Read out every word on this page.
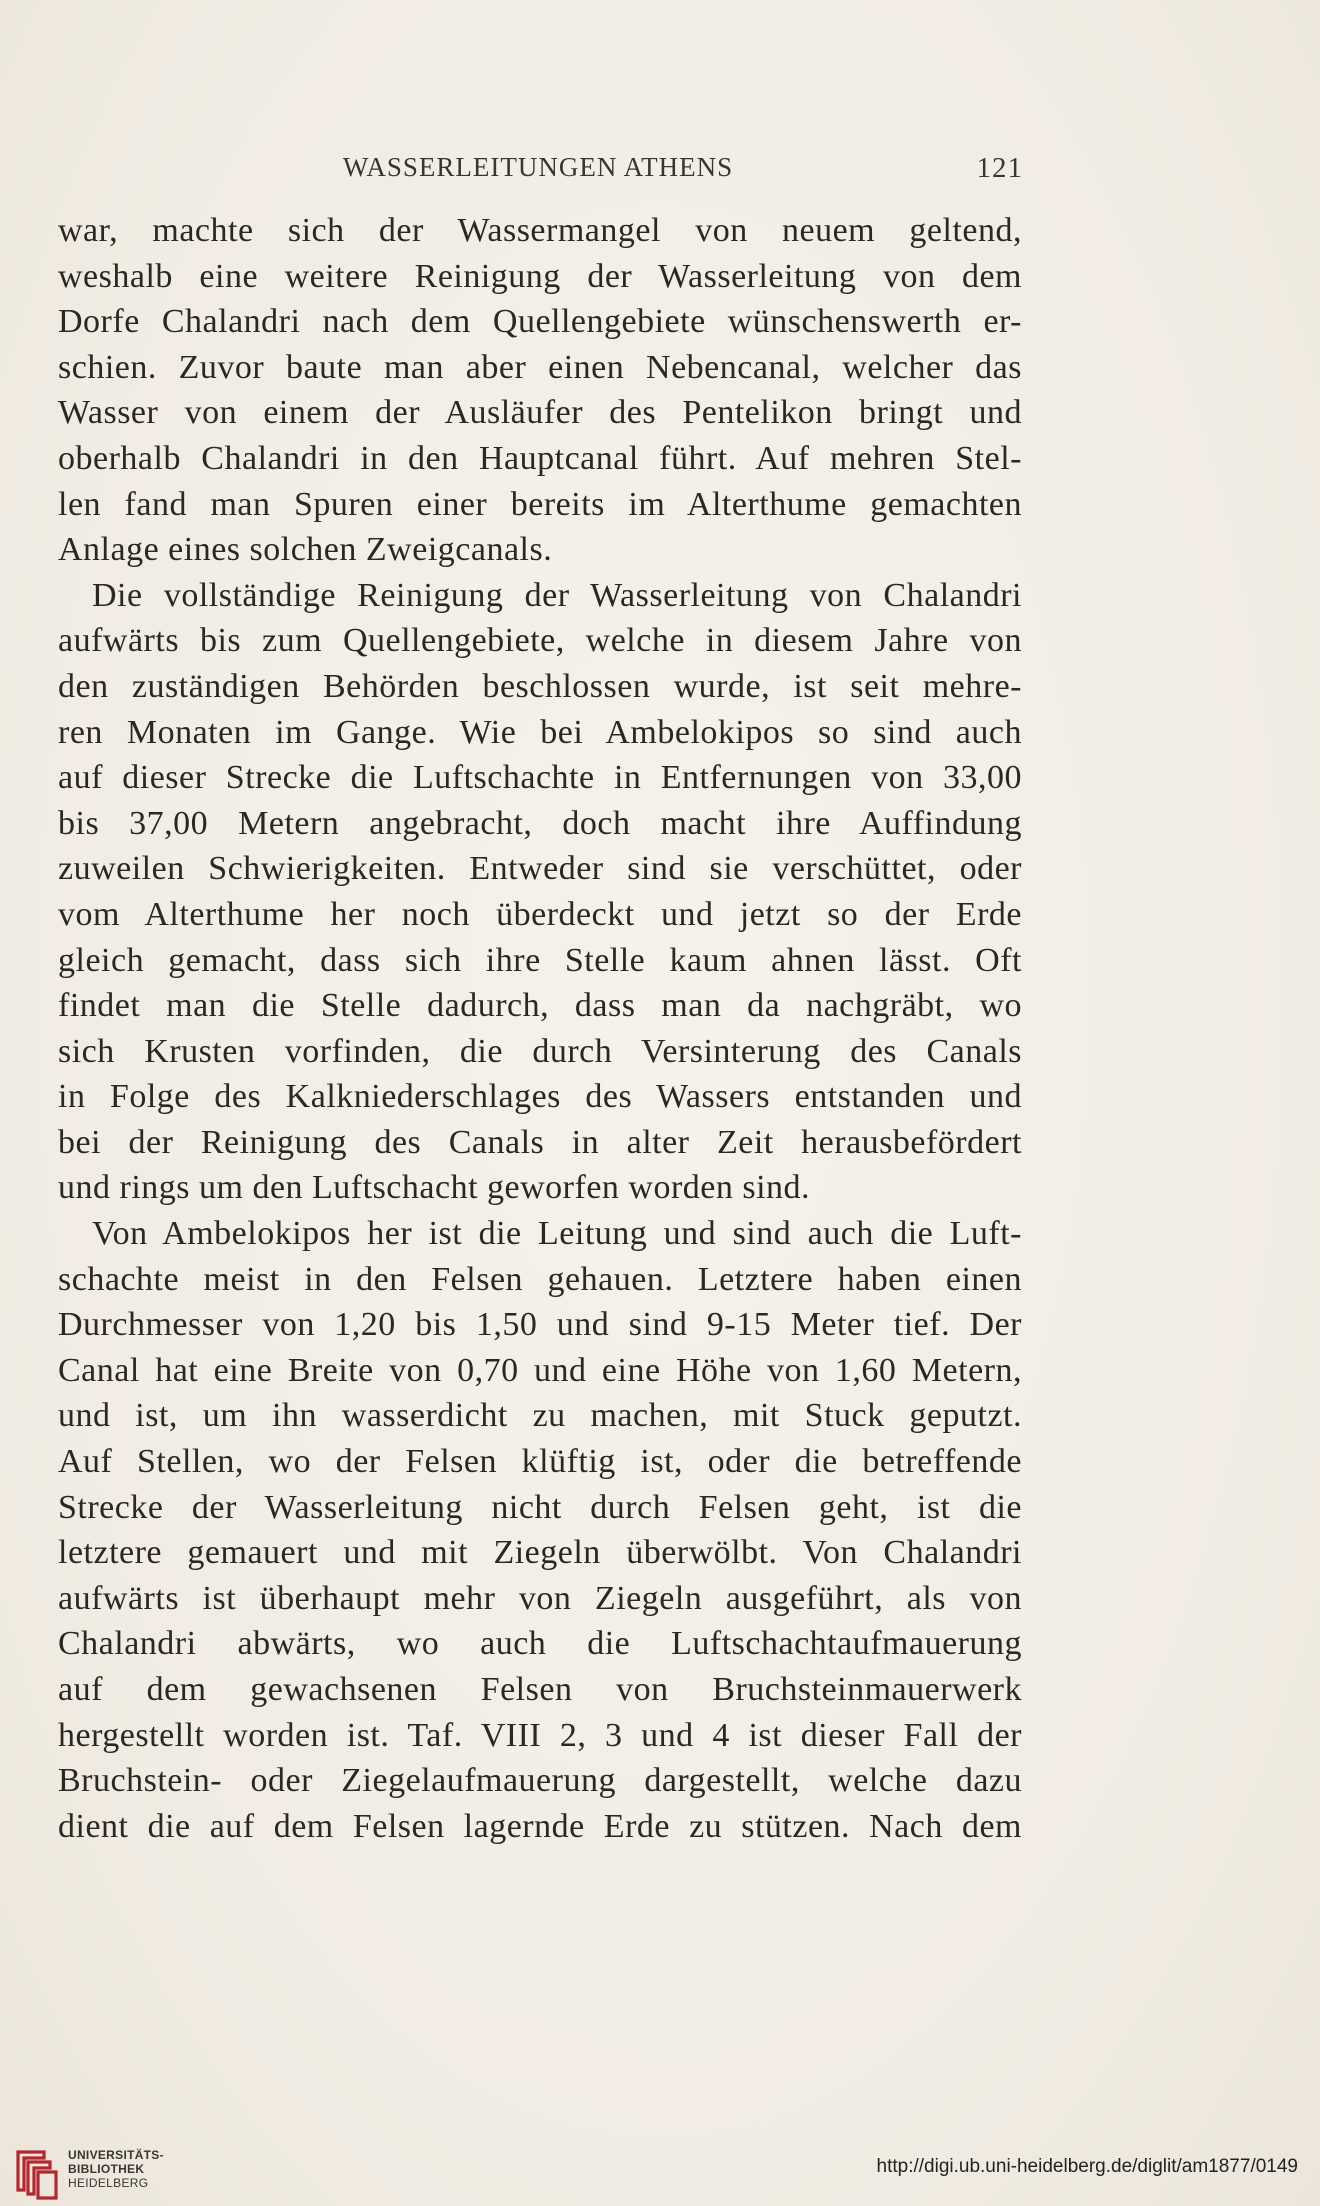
WASSERLEITUNGEN ATHENS	121
war, machte sich der Wassermangel von neuem geltend,
weshalb eine weitere Reinigung der Wasserleitung von dem
Dorfe Chalandri nach dem Quellengebiete wünschenswerth er-
schien. Zuvor baute man aber einen Nebencanal, welcher das
Wasser von einem der Ausläufer des Pentelikon bringt und
oberhalb Chalandri in den Hauptcanal führt. Auf mehren Stel-
len fand man Spuren einer bereits im Alterthume gemachten
Anlage eines solchen Zweigcanals.
Die vollständige Reinigung der Wasserleitung von Chalandri
aufwärts bis zum Quellengebiete, welche in diesem Jahre von
den zuständigen Behörden beschlossen wurde, ist seit mehre-
ren Monaten im Gange. Wie bei Ambelokipos so sind auch
auf dieser Strecke die Luftschachte in Entfernungen von 33,00
bis 37,00 Metern angebracht, doch macht ihre Auffindung
zuweilen Schwierigkeiten. Entweder sind sie verschüttet, oder
vom Alterthume her noch überdeckt und jetzt so der Erde
gleich gemacht, dass sich ihre Stelle kaum ahnen lässt. Oft
findet man die Stelle dadurch, dass man da nachgräbt, wo
sich Krusten vorfinden, die durch Versinterung des Canals
in Folge des Kalkniederschlages des Wassers entstanden und
bei der Reinigung des Canals in alter Zeit herausbefördert
und rings um den Luftschacht geworfen worden sind.
Von Ambelokipos her ist die Leitung und sind auch die Luft-
schachte meist in den Felsen gehauen. Letztere haben einen
Durchmesser von 1,20 bis 1,50 und sind 9-15 Meter tief. Der
Canal hat eine Breite von 0,70 und eine Höhe von 1,60 Metern,
und ist, um ihn wasserdicht zu machen, mit Stuck geputzt.
Auf Stellen, wo der Felsen klüftig ist, oder die betreffende
Strecke der Wasserleitung nicht durch Felsen geht, ist die
letztere gemauert und mit Ziegeln überwölbt. Von Chalandri
aufwärts ist überhaupt mehr von Ziegeln ausgeführt, als von
Chalandri abwärts, wo auch die Luftschachtaufmauerung
auf dem gewachsenen Felsen von Bruchsteinmauerwerk
hergestellt worden ist. Taf. VIII 2, 3 und 4 ist dieser Fall der
Bruchstein- oder Ziegelaufmauerung dargestellt, welche dazu
dient die auf dem Felsen lagernde Erde zu stützen. Nach dem
UNIVERSITÄTS-
BIBLIOTHEK
HEIDELBERG
http://digi.ub.uni-heidelberg.de/diglit/am1877/0149
